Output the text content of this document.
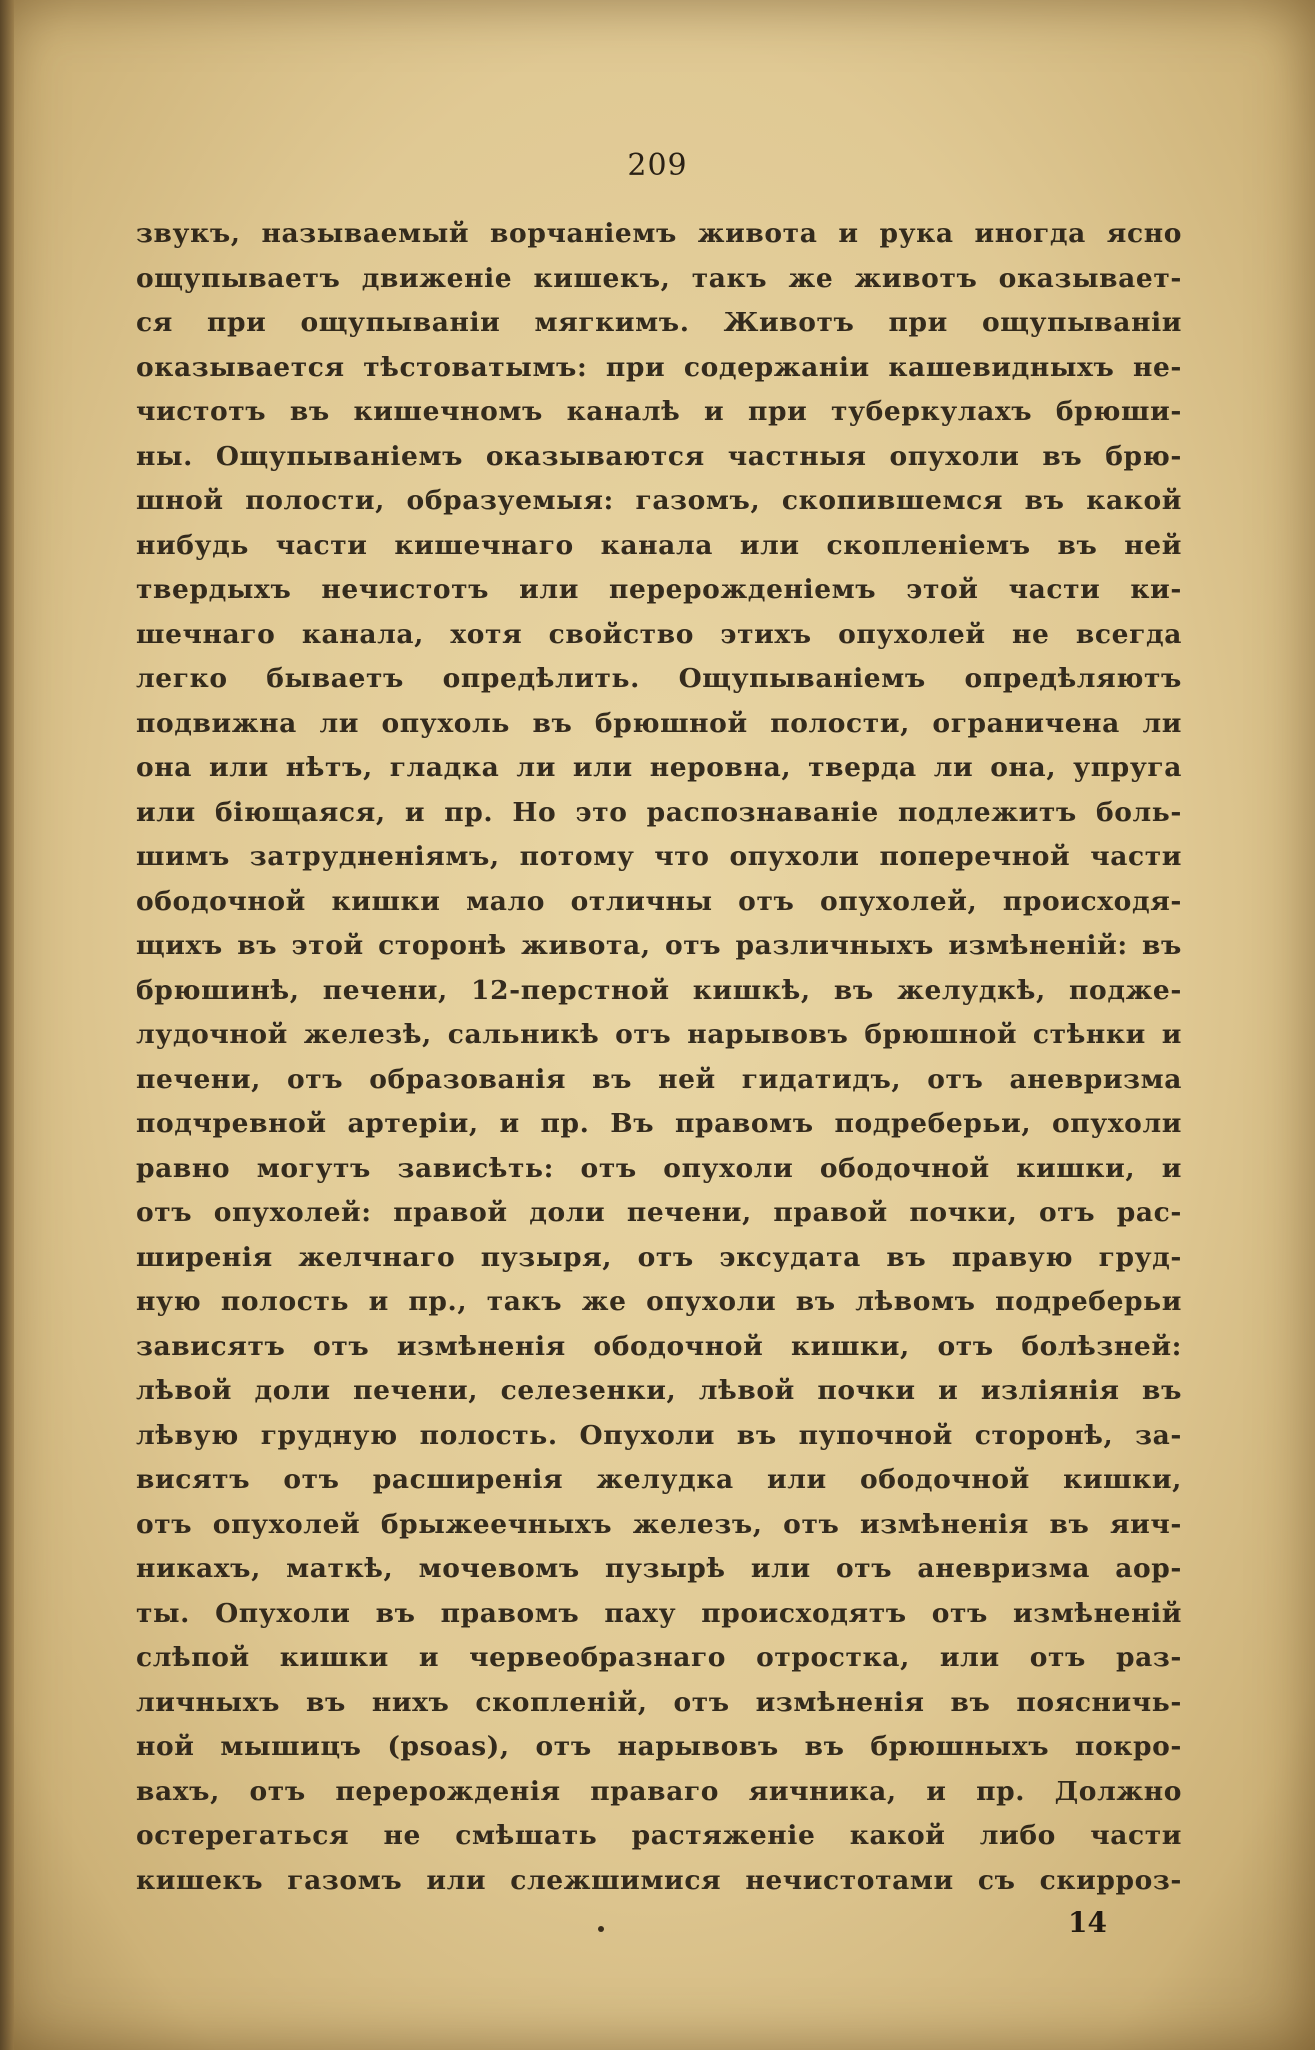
209
звукъ, называемый ворчаніемъ живота и рука иногда ясно
ощупываетъ движеніе кишекъ, такъ же животъ оказывает-
ся при ощупываніи мягкимъ. Животъ при ощупываніи
оказывается тѣстоватымъ: при содержаніи кашевидныхъ не-
чистотъ въ кишечномъ каналѣ и при туберкулахъ брюши-
ны. Ощупываніемъ оказываются частныя опухоли въ брю-
шной полости, образуемыя: газомъ, скопившемся въ какой
нибудь части кишечнаго канала или скопленіемъ въ ней
твердыхъ нечистотъ или перерожденіемъ этой части ки-
шечнаго канала, хотя свойство этихъ опухолей не всегда
легко бываетъ опредѣлить. Ощупываніемъ опредѣляютъ
подвижна ли опухоль въ брюшной полости, ограничена ли
она или нѣтъ, гладка ли или неровна, тверда ли она, упруга
или біющаяся, и пр. Но это распознаваніе подлежитъ боль-
шимъ затрудненіямъ, потому что опухоли поперечной части
ободочной кишки мало отличны отъ опухолей, происходя-
щихъ въ этой сторонѣ живота, отъ различныхъ измѣненій: въ
брюшинѣ, печени, 12-перстной кишкѣ, въ желудкѣ, подже-
лудочной железѣ, сальникѣ отъ нарывовъ брюшной стѣнки и
печени, отъ образованія въ ней гидатидъ, отъ аневризма
подчревной артеріи, и пр. Въ правомъ подреберьи, опухоли
равно могутъ зависѣть: отъ опухоли ободочной кишки, и
отъ опухолей: правой доли печени, правой почки, отъ рас-
ширенія желчнаго пузыря, отъ эксудата въ правую груд-
ную полость и пр., такъ же опухоли въ лѣвомъ подреберьи
зависятъ отъ измѣненія ободочной кишки, отъ болѣзней:
лѣвой доли печени, селезенки, лѣвой почки и изліянія въ
лѣвую грудную полость. Опухоли въ пупочной сторонѣ, за-
висятъ отъ расширенія желудка или ободочной кишки,
отъ опухолей брыжеечныхъ железъ, отъ измѣненія въ яич-
никахъ, маткѣ, мочевомъ пузырѣ или отъ аневризма аор-
ты. Опухоли въ правомъ паху происходятъ отъ измѣненій
слѣпой кишки и червеобразнаго отростка, или отъ раз-
личныхъ въ нихъ скопленій, отъ измѣненія въ поясничь-
ной мышицъ (psoas), отъ нарывовъ въ брюшныхъ покро-
вахъ, отъ перерожденія праваго яичника, и пр. Должно
остерегаться не смѣшать растяженіе какой либо части
кишекъ газомъ или слежшимися нечистотами съ скирроз-
14
